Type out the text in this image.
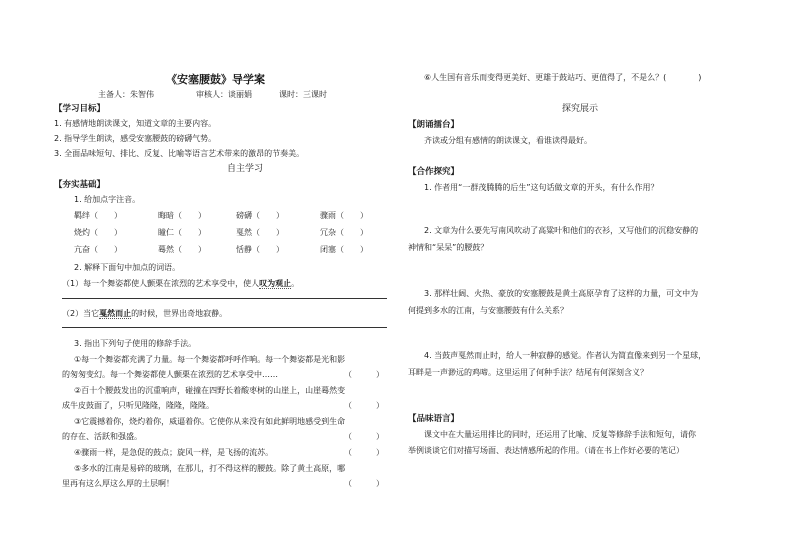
《安塞腰鼓》导学案
主备人：朱智伟	审核人：谈丽娟	课时：三课时
【学习目标】
1. 有感情地朗读课文，知道文章的主要内容。
2. 指导学生朗读，感受安塞腰鼓的磅礴气势。
3. 全面品味短句、排比、反复、比喻等语言艺术带来的激昂的节奏美。
自主学习
【夯实基础】
1. 给加点字注音。
羁绊（　　）	晦暗（　　）	磅礴（　　）	骤雨（　　）
烧灼（　　）	瞳仁（　　）	戛然（　　）	冗杂（　　）
亢奋（　　）	蓦然（　　）	恬静（　　）	闭塞（　　）
2. 解释下面句中加点的词语。
（1）每一个舞姿都使人颤栗在浓烈的艺术享受中，使人叹为观止。
（2）当它戛然而止的时候，世界出奇地寂静。
3. 指出下列句子使用的修辞手法。
①每一个舞姿都充满了力量。每一个舞姿都呼呼作响。每一个舞姿都是光和影
的匆匆变幻。每一个舞姿都使人颤栗在浓烈的艺术享受中……	（　　　）
②百十个腰鼓发出的沉重响声，碰撞在四野长着酸枣树的山崖上，山崖蓦然变
成牛皮鼓面了，只听见隆隆，隆隆，隆隆。	（　　　）
③它震撼着你，烧灼着你，威逼着你。它使你从来没有如此鲜明地感受到生命
的存在、活跃和强盛。	（　　　）
④骤雨一样，是急促的鼓点；旋风一样，是飞扬的流苏。	（　　　）
⑤多水的江南是易碎的玻璃，在那儿，打不得这样的腰鼓。除了黄土高原，哪
里再有这么厚这么厚的土层啊！	（　　　）
⑥人生国有音乐而变得更美好、更雄于鼓站巧、更值得了，不是么？(　　　　)
探究展示
【朗诵擂台】
齐读或分组有感情的朗读课文，看谁读得最好。
【合作探究】
1. 作者用“一群茂腾腾的后生”这句话做文章的开头，有什么作用？
2. 文章为什么要先写南风吹动了高粱叶和他们的衣衫，又写他们的沉稳安静的
神情和“呆呆”的腰鼓？
3. 那样壮阔、火热、豪放的安塞腰鼓是黄土高原孕育了这样的力量，可文中为
何提到多水的江南，与安塞腰鼓有什么关系？
4. 当鼓声戛然而止时，给人一种寂静的感觉。作者认为简直像来到另一个星球，
耳畔是一声渺远的鸡啼。这里运用了何种手法？结尾有何深刻含义？
【品味语言】
课文中在大量运用排比的同时，还运用了比喻、反复等修辞手法和短句，请你
举例谈谈它们对描写场面、表达情感所起的作用。（请在书上作好必要的笔记）
